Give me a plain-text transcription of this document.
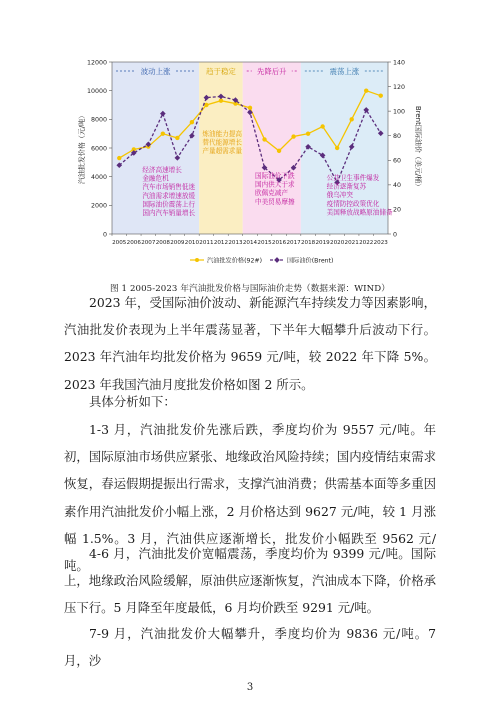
波动上涨	趋于稳定	先降后升	震荡上涨
0
2000
4000
6000
8000
10000
12000
0
20
40
60
80
100
120
140
汽油批发价格（元/吨）	Brent国际油价（美元/桶）
2005 2006 2007 2008 2009 2010 2011 2012 2013 2014 2015 2016 2017 2018 2019 2020 2021 2022 2023
经济高速增长
金融危机
汽车市场销售低迷
汽油需求增速放缓
国际油价震荡上行
国内汽车销量增长
炼油能力提高
替代能源增长
产量超需求量
国际油价下跌
国内供大于求
欧佩克减产
中美贸易摩擦
公共卫生事件爆发
经济逐渐复苏
俄乌冲突
疫情防控政策优化
美国释放战略原油储备
汽油批发价格(92#)	国际油价(Brent)
图 1 2005-2023 年汽油批发价格与国际油价走势（数据来源：WIND）

2023 年，受国际油价波动、新能源汽车持续发力等因素影响，汽油批发价表现为上半年震荡显著，下半年大幅攀升后波动下行。2023 年汽油年均批发价格为 9659 元/吨，较 2022 年下降 5%。2023 年我国汽油月度批发价格如图 2 所示。

具体分析如下：

1-3 月，汽油批发价先涨后跌，季度均价为 9557 元/吨。年初，国际原油市场供应紧张、地缘政治风险持续；国内疫情结束需求恢复，春运假期提振出行需求，支撑汽油消费；供需基本面等多重因素作用汽油批发价小幅上涨，2 月价格达到 9627 元/吨，较 1 月涨幅 1.5%。3 月，汽油供应逐渐增长，批发价小幅跌至 9562 元/吨。

4-6 月，汽油批发价宽幅震荡，季度均价为 9399 元/吨。国际上，地缘政治风险缓解，原油供应逐渐恢复，汽油成本下降，价格承压下行。5 月降至年度最低，6 月均价跌至 9291 元/吨。

7-9 月，汽油批发价大幅攀升，季度均价为 9836 元/吨。7 月，沙

3
